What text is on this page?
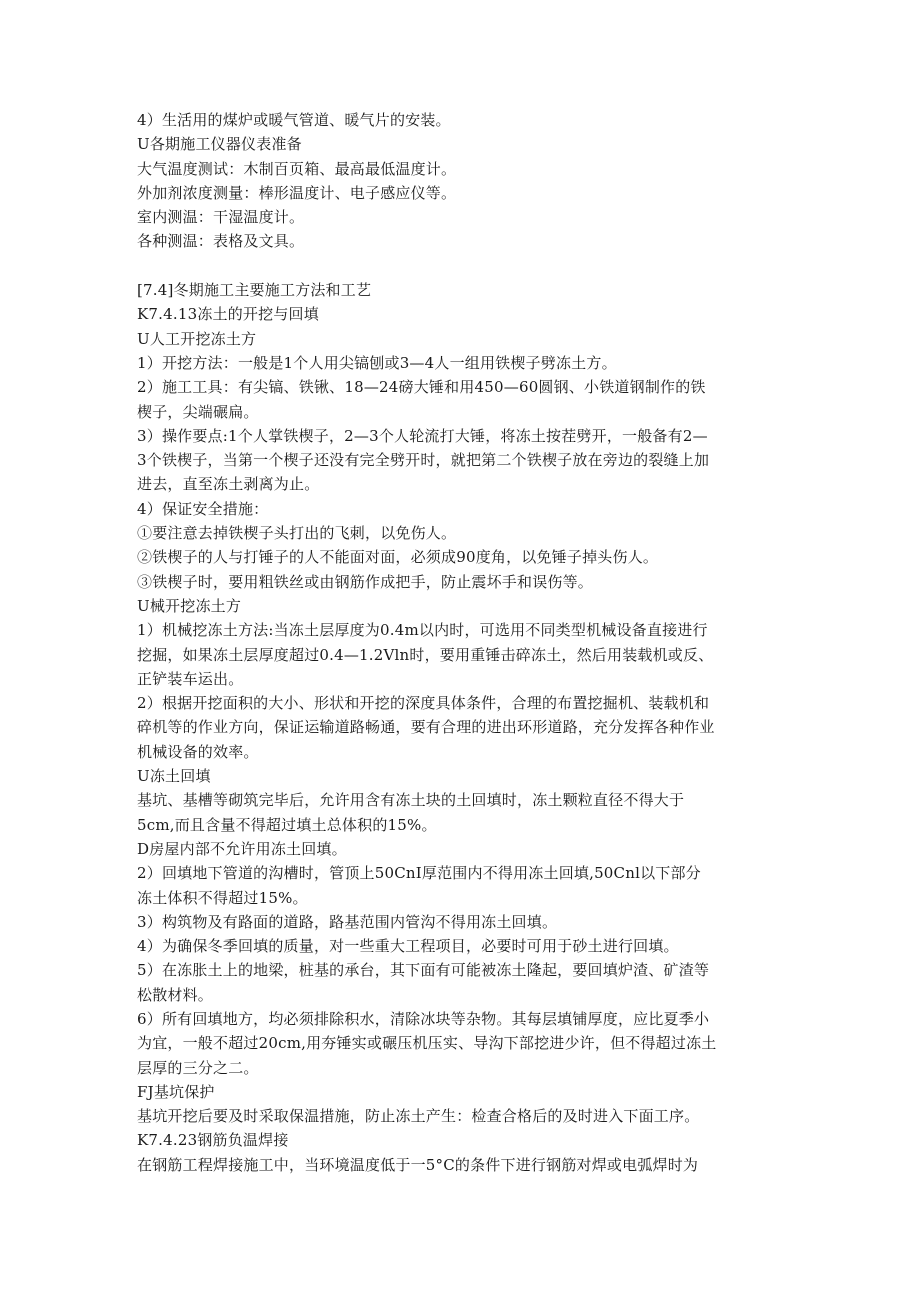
4）生活用的煤炉或暖气管道、暖气片的安装。
U各期施工仪器仪表准备
大气温度测试：木制百页箱、最高最低温度计。
外加剂浓度测量：棒形温度计、电子感应仪等。
室内测温：干湿温度计。
各种测温：表格及文具。
[7.4]冬期施工主要施工方法和工艺
K7.4.13冻土的开挖与回填
U人工开挖冻土方
1）开挖方法：一般是1个人用尖镐刨或3—4人一组用铁楔子劈冻土方。
2）施工工具：有尖镐、铁锹、18—24磅大锤和用450—60圆钢、小铁道钢制作的铁
楔子，尖端碾扁。
3）操作要点:1个人掌铁楔子，2—3个人轮流打大锤，将冻土按茬劈开，一般备有2—
3个铁楔子，当第一个楔子还没有完全劈开时，就把第二个铁楔子放在旁边的裂缝上加
进去，直至冻土剥离为止。
4）保证安全措施：
①要注意去掉铁楔子头打出的飞刺，以免伤人。
②铁楔子的人与打锤子的人不能面对面，必须成90度角，以免锤子掉头伤人。
③铁楔子时，要用粗铁丝或由钢筋作成把手，防止震坏手和误伤等。
U械开挖冻土方
1）机械挖冻土方法:当冻土层厚度为0.4m以内时，可选用不同类型机械设备直接进行
挖掘，如果冻土层厚度超过0.4—1.2Vln时，要用重锤击碎冻土，然后用装载机或反、
正铲装车运出。
2）根据开挖面积的大小、形状和开挖的深度具体条件，合理的布置挖掘机、装载机和
碎机等的作业方向，保证运输道路畅通，要有合理的进出环形道路，充分发挥各种作业
机械设备的效率。
U冻土回填
基坑、基槽等砌筑完毕后，允许用含有冻土块的土回填时，冻土颗粒直径不得大于
5cm,而且含量不得超过填土总体积的15%。
D房屋内部不允许用冻土回填。
2）回填地下管道的沟槽时，管顶上50CnI厚范围内不得用冻土回填,50Cnl以下部分
冻土体积不得超过15%。
3）构筑物及有路面的道路，路基范围内管沟不得用冻土回填。
4）为确保冬季回填的质量，对一些重大工程项目，必要时可用于砂土进行回填。
5）在冻胀土上的地梁，桩基的承台，其下面有可能被冻土隆起，要回填炉渣、矿渣等
松散材料。
6）所有回填地方，均必须排除积水，清除冰块等杂物。其每层填铺厚度，应比夏季小
为宜，一般不超过20cm,用夯锤实或碾压机压实、导沟下部挖进少许，但不得超过冻土
层厚的三分之二。
FJ基坑保护
基坑开挖后要及时采取保温措施，防止冻土产生：检查合格后的及时进入下面工序。
K7.4.23钢筋负温焊接
在钢筋工程焊接施工中，当环境温度低于一5°C的条件下进行钢筋对焊或电弧焊时为
